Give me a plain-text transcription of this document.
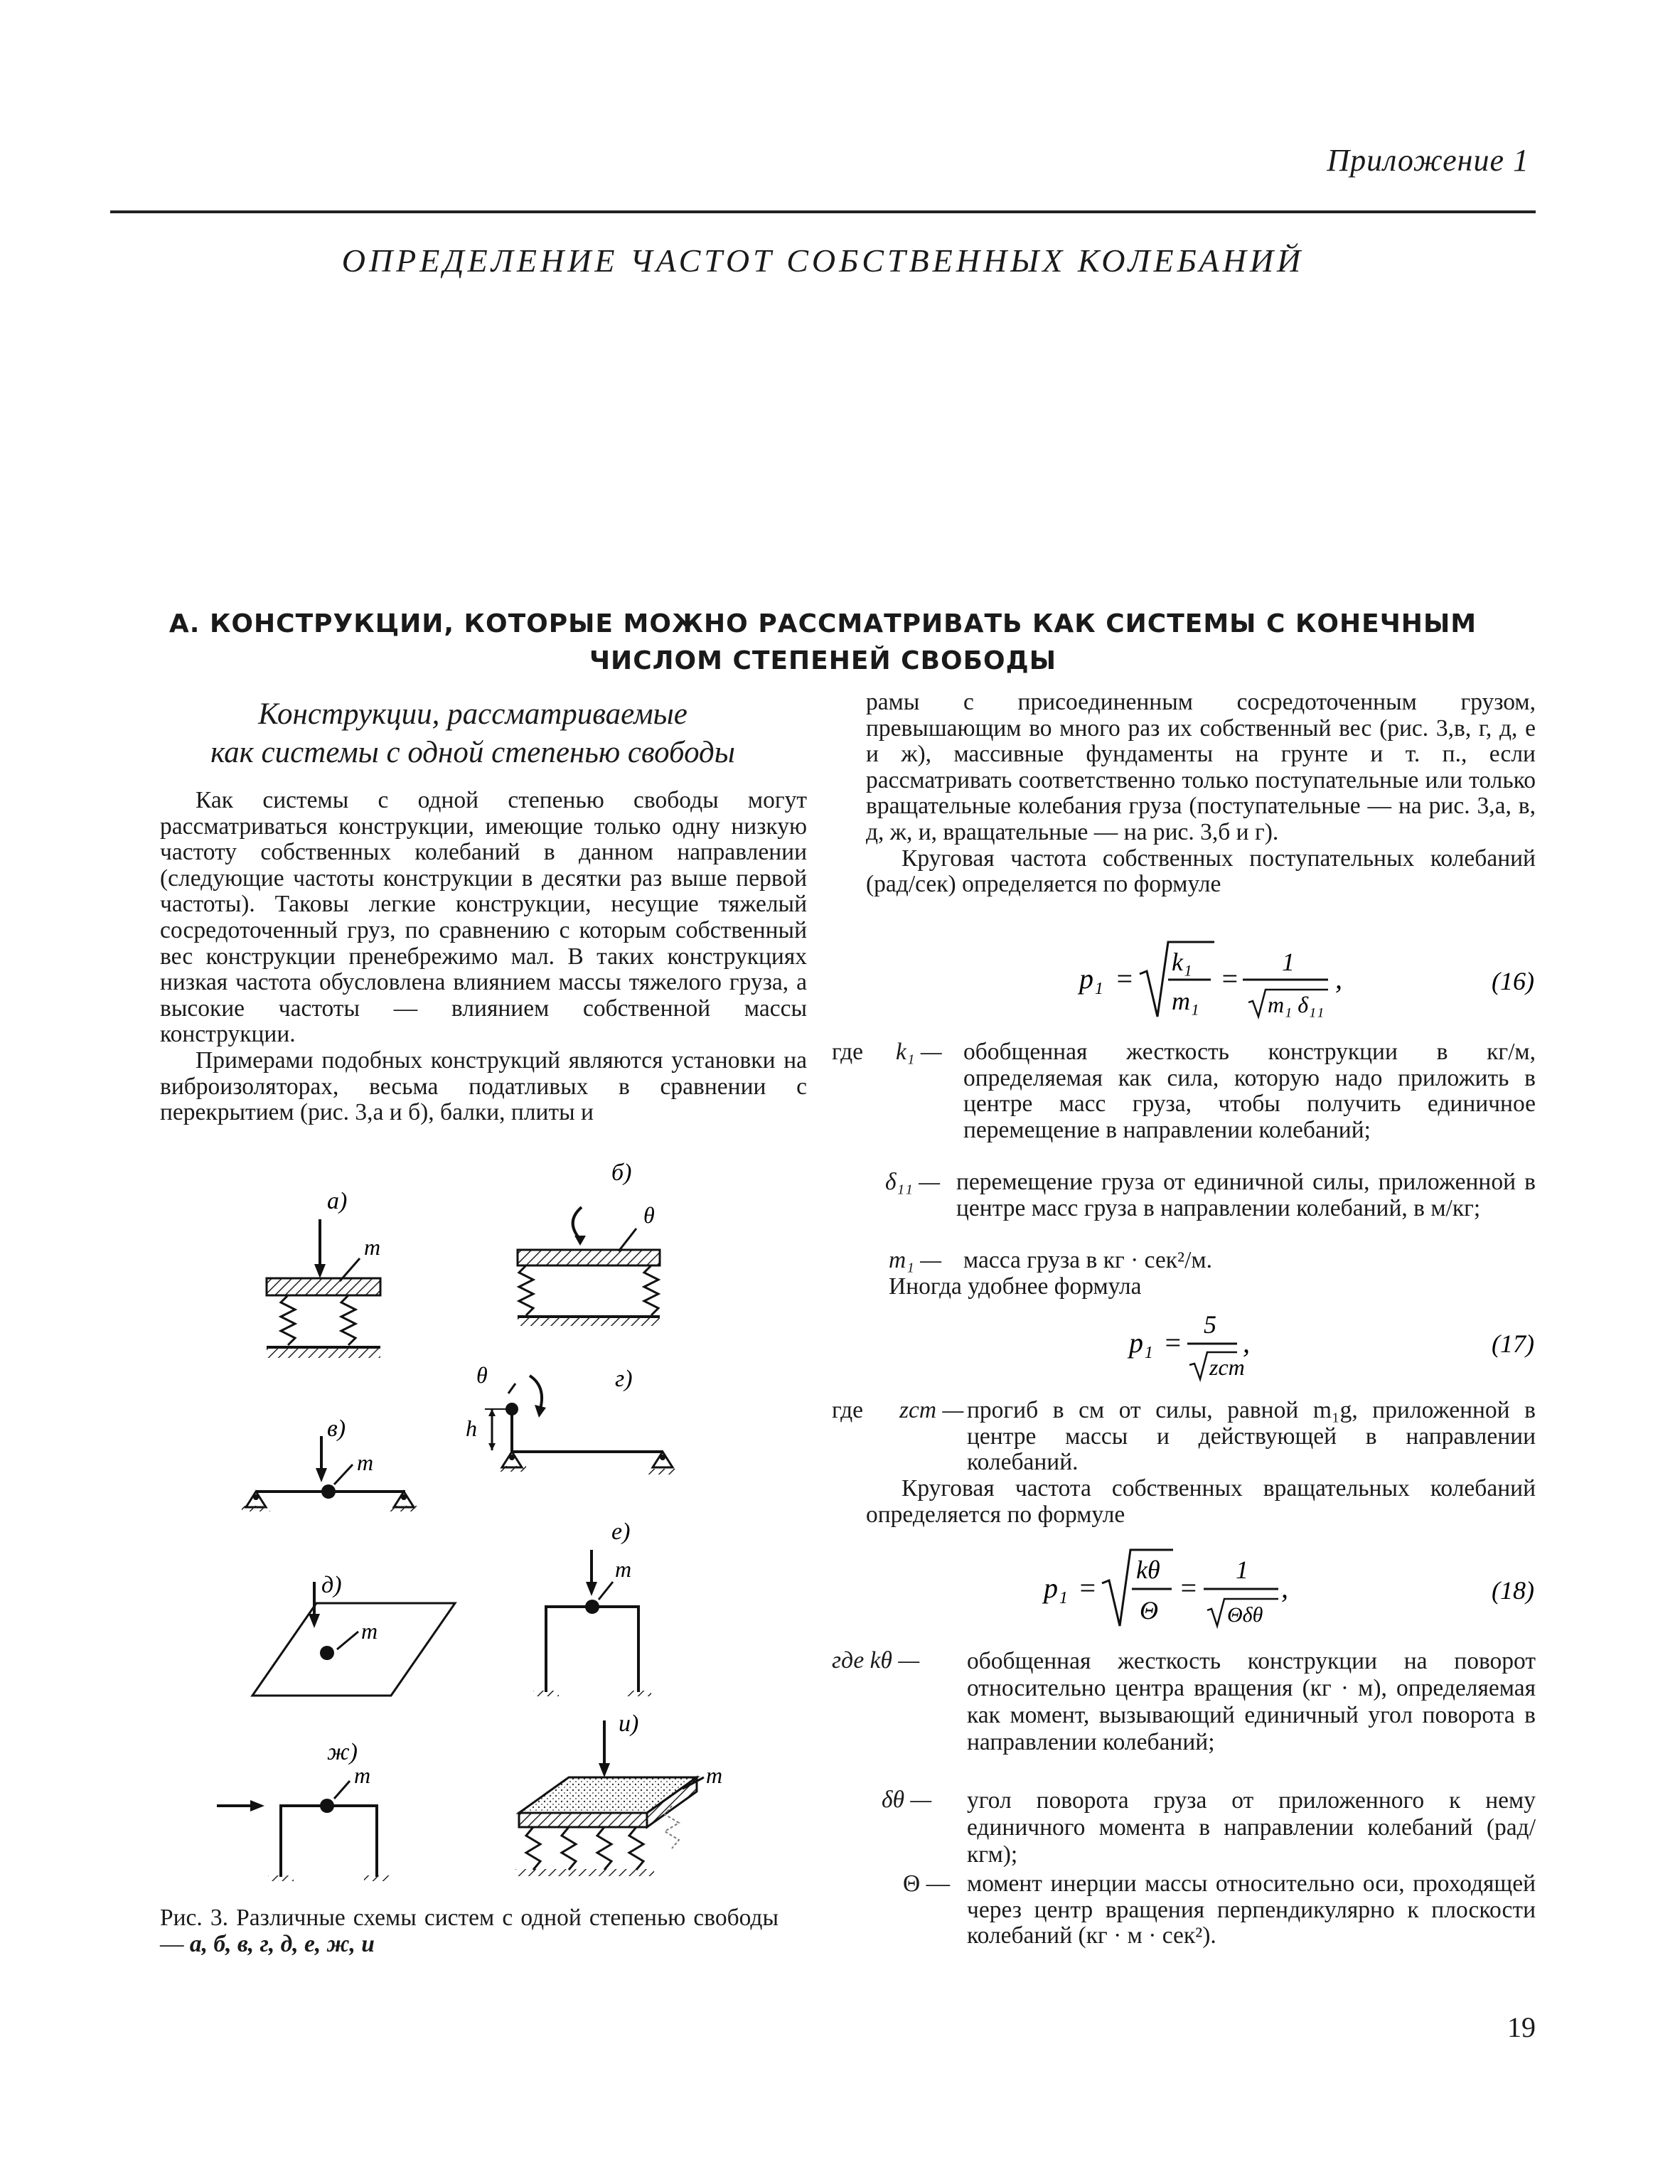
Приложение 1
ОПРЕДЕЛЕНИЕ ЧАСТОТ СОБСТВЕННЫХ КОЛЕБАНИЙ
А. КОНСТРУКЦИИ, КОТОРЫЕ МОЖНО РАССМАТРИВАТЬ КАК СИСТЕМЫ С КОНЕЧНЫМ
ЧИСЛОМ СТЕПЕНЕЙ СВОБОДЫ
Конструкции, рассматриваемые
как системы с одной степенью свободы

Как системы с одной степенью свободы могут рассматриваться конструкции, имеющие только одну низкую частоту собственных колебаний в данном направлении (следующие частоты конструкции в десятки раз выше первой частоты). Таковы легкие конструкции, несущие тяжелый сосредоточенный груз, по сравнению с которым собственный вес конструкции пренебрежимо мал. В таких конструкциях низкая частота обусловлена влиянием массы тяжелого груза, а высокие частоты — влиянием собственной массы конструкции.

Примерами подобных конструкций являются установки на виброизоляторах, весьма податливых в сравнении с перекрытием (рис. 3,а и б), балки, плиты и

а)
m
б)
θ
в)
m
θ	г)
h
д)
m
е)
m
ж)
m
и)
m
Рис. 3. Различные схемы систем с одной степенью свободы — а, б, в, г, д, е, ж, и

рамы с присоединенным сосредоточенным грузом, превышающим во много раз их собственный вес (рис. 3,в, г, д, е и ж), массивные фундаменты на грунте и т. п., если рассматривать соответственно только поступательные или только вращательные колебания груза (поступательные — на рис. 3,а, в, д, ж, и, вращательные — на рис. 3,б и г).

Круговая частота собственных поступательных колебаний (рад/сек) определяется по формуле

p₁ =
k₁
m₁
=
1
m₁ δ₁₁
,	(16)
где k₁ — обобщенная жесткость конструкции в кг/м, определяемая как сила, которую надо приложить в центре масс груза, чтобы получить единичное перемещение в направлении колебаний;
δ₁₁ — перемещение груза от единичной силы, приложенной в центре масс груза в направлении колебаний, в м/кг;
m₁ — масса груза в кг · сек²/м.
Иногда удобнее формула
p₁ =
5
zст
,	(17)
где zст — прогиб в см от силы, равной m₁g, приложенной в центре массы и действующей в направлении колебаний.
Круговая частота собственных вращательных колебаний определяется по формуле
p₁ =
kθ
Θ
=
1
Θδθ
,	(18)
где kθ — обобщенная жесткость конструкции на поворот относительно центра вращения (кг · м), определяемая как момент, вызывающий единичный угол поворота в направлении колебаний;
δθ — угол поворота груза от приложенного к нему единичного момента в направлении колебаний (рад/кгм);
Θ — момент инерции массы относительно оси, проходящей через центр вращения перпендикулярно к плоскости колебаний (кг · м · сек²).
19
